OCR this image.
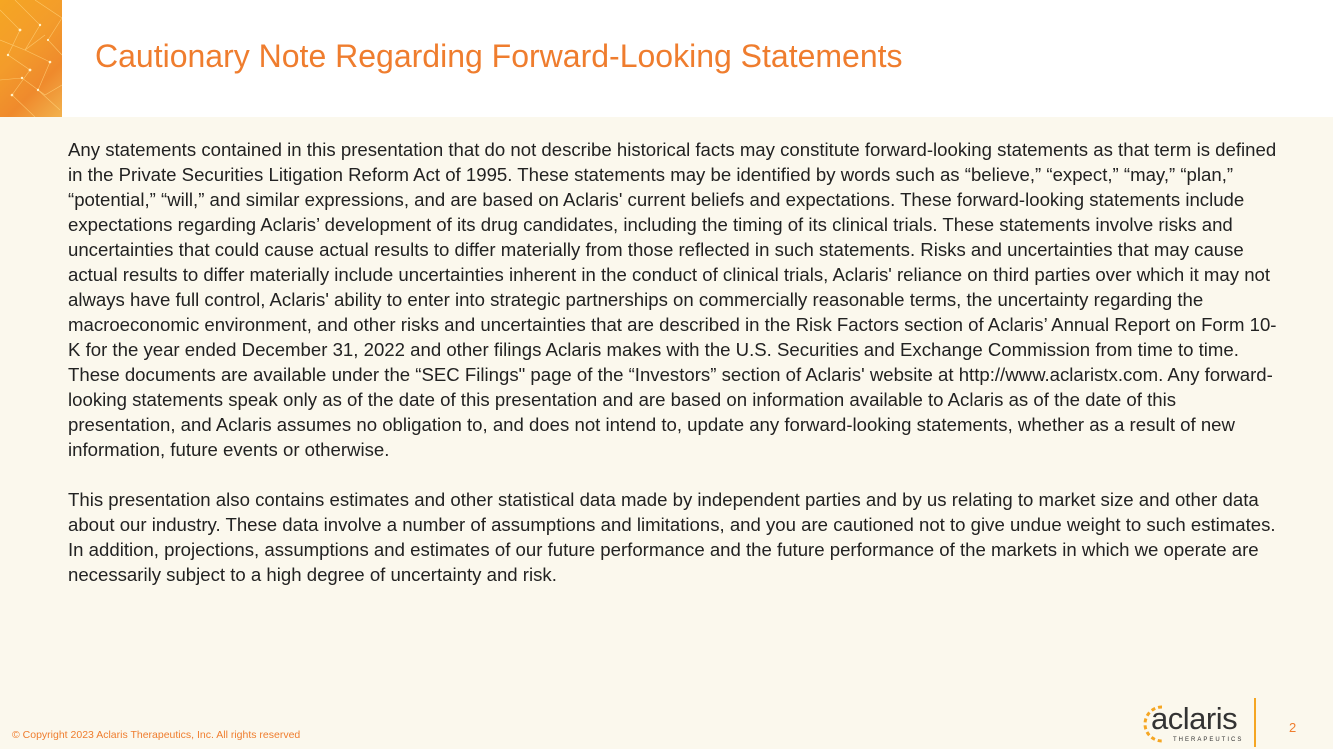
Cautionary Note Regarding Forward-Looking Statements

Any statements contained in this presentation that do not describe historical facts may constitute forward-looking statements as that term is defined in the Private Securities Litigation Reform Act of 1995. These statements may be identified by words such as “believe,” “expect,” “may,” “plan,” “potential,” “will,” and similar expressions, and are based on Aclaris' current beliefs and expectations. These forward-looking statements include expectations regarding Aclaris’ development of its drug candidates, including the timing of its clinical trials. These statements involve risks and uncertainties that could cause actual results to differ materially from those reflected in such statements. Risks and uncertainties that may cause actual results to differ materially include uncertainties inherent in the conduct of clinical trials, Aclaris' reliance on third parties over which it may not always have full control, Aclaris' ability to enter into strategic partnerships on commercially reasonable terms, the uncertainty regarding the macroeconomic environment, and other risks and uncertainties that are described in the Risk Factors section of Aclaris’ Annual Report on Form 10-K for the year ended December 31, 2022 and other filings Aclaris makes with the U.S. Securities and Exchange Commission from time to time. These documents are available under the “SEC Filings" page of the “Investors” section of Aclaris' website at http://www.aclaristx.com. Any forward-looking statements speak only as of the date of this presentation and are based on information available to Aclaris as of the date of this presentation, and Aclaris assumes no obligation to, and does not intend to, update any forward-looking statements, whether as a result of new information, future events or otherwise.

This presentation also contains estimates and other statistical data made by independent parties and by us relating to market size and other data about our industry. These data involve a number of assumptions and limitations, and you are cautioned not to give undue weight to such estimates. In addition, projections, assumptions and estimates of our future performance and the future performance of the markets in which we operate are necessarily subject to a high degree of uncertainty and risk.

© Copyright 2023 Aclaris Therapeutics, Inc. All rights reserved	aclaris
THERAPEUTICS
2
